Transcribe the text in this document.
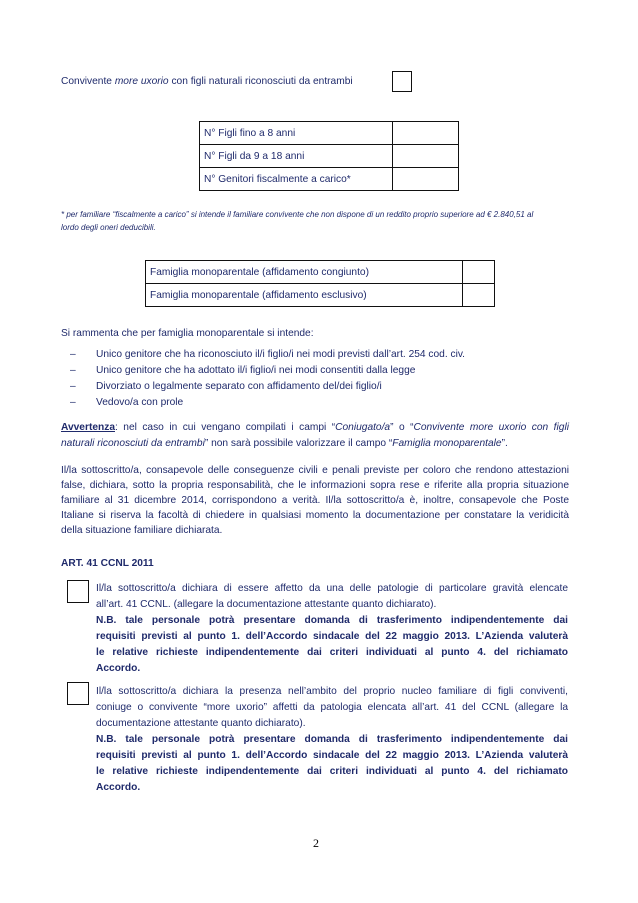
Convivente more uxorio con figli naturali riconosciuti da entrambi
N° Figli fino a 8 anni	
N° Figli da 9 a 18 anni	
N° Genitori fiscalmente a carico*	
* per familiare “fiscalmente a carico” si intende il familiare convivente che non dispone di un reddito proprio superiore ad € 2.840,51 al
lordo degli oneri deducibili.
Famiglia monoparentale (affidamento congiunto)	
Famiglia monoparentale (affidamento esclusivo)	
Si rammenta che per famiglia monoparentale si intende:
– Unico genitore che ha riconosciuto il/i figlio/i nei modi previsti dall’art. 254 cod. civ.
– Unico genitore che ha adottato il/i figlio/i nei modi consentiti dalla legge
– Divorziato o legalmente separato con affidamento del/dei figlio/i
– Vedovo/a con prole
Avvertenza: nel caso in cui vengano compilati i campi “Coniugato/a” o “Convivente more uxorio con figli
naturali riconosciuti da entrambi” non sarà possibile valorizzare il campo “Famiglia monoparentale”.
Il/la sottoscritto/a, consapevole delle conseguenze civili e penali previste per coloro che rendono attestazioni
false, dichiara, sotto la propria responsabilità, che le informazioni sopra rese e riferite alla propria situazione
familiare al 31 dicembre 2014, corrispondono a verità. Il/la sottoscritto/a è, inoltre, consapevole che Poste
Italiane si riserva la facoltà di chiedere in qualsiasi momento la documentazione per constatare la veridicità
della situazione familiare dichiarata.
ART. 41 CCNL 2011
Il/la sottoscritto/a dichiara di essere affetto da una delle patologie di particolare gravità elencate
all’art. 41 CCNL. (allegare la documentazione attestante quanto dichiarato).
N.B. tale personale potrà presentare domanda di trasferimento indipendentemente dai
requisiti previsti al punto 1. dell’Accordo sindacale del 22 maggio 2013. L’Azienda valuterà
le relative richieste indipendentemente dai criteri individuati al punto 4. del richiamato
Accordo.
Il/la sottoscritto/a dichiara la presenza nell’ambito del proprio nucleo familiare di figli conviventi,
coniuge o convivente “more uxorio” affetti da patologia elencata all’art. 41 del CCNL (allegare la
documentazione attestante quanto dichiarato).
N.B. tale personale potrà presentare domanda di trasferimento indipendentemente dai
requisiti previsti al punto 1. dell’Accordo sindacale del 22 maggio 2013. L’Azienda valuterà
le relative richieste indipendentemente dai criteri individuati al punto 4. del richiamato
Accordo.
2
